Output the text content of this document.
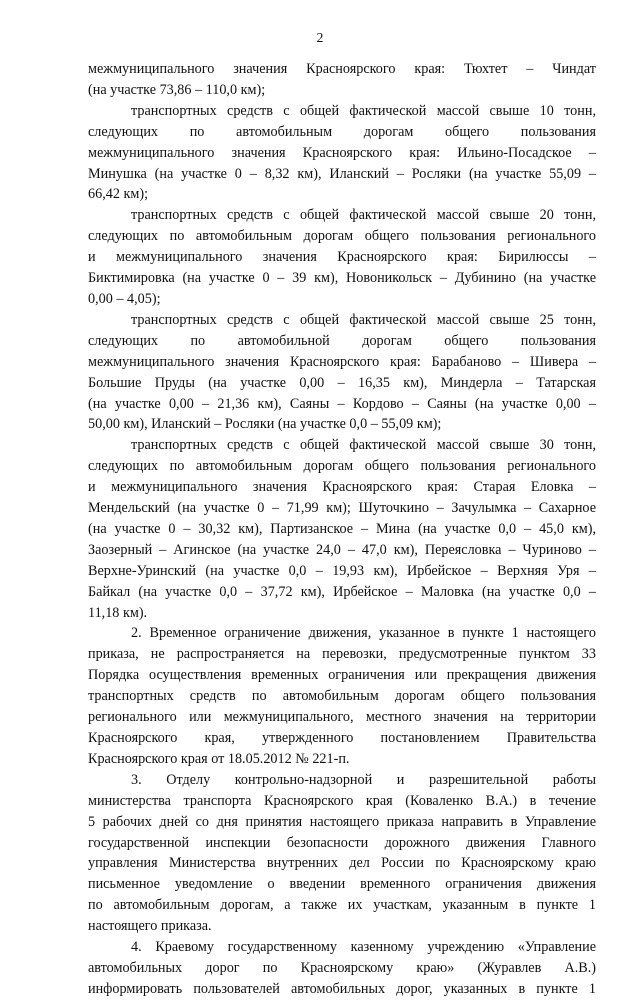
2
межмуниципального значения Красноярского края: Тюхтет – Чиндат
(на участке 73,86 – 110,0 км);
транспортных средств с общей фактической массой свыше 10 тонн,
следующих по автомобильным дорогам общего пользования
межмуниципального значения Красноярского края: Ильино-Посадское –
Минушка (на участке 0 – 8,32 км), Иланский – Росляки (на участке 55,09 –
66,42 км);
транспортных средств с общей фактической массой свыше 20 тонн,
следующих по автомобильным дорогам общего пользования регионального
и межмуниципального значения Красноярского края: Бирилюссы –
Биктимировка (на участке 0 – 39 км), Новоникольск – Дубинино (на участке
0,00 – 4,05);
транспортных средств с общей фактической массой свыше 25 тонн,
следующих по автомобильной дорогам общего пользования
межмуниципального значения Красноярского края: Барабаново – Шивера –
Большие Пруды (на участке 0,00 – 16,35 км), Миндерла – Татарская
(на участке 0,00 – 21,36 км), Саяны – Кордово – Саяны (на участке 0,00 –
50,00 км), Иланский – Росляки (на участке 0,0 – 55,09 км);
транспортных средств с общей фактической массой свыше 30 тонн,
следующих по автомобильным дорогам общего пользования регионального
и межмуниципального значения Красноярского края: Старая Еловка –
Мендельский (на участке 0 – 71,99 км); Шуточкино – Зачулымка – Сахарное
(на участке 0 – 30,32 км), Партизанское – Мина (на участке 0,0 – 45,0 км),
Заозерный – Агинское (на участке 24,0 – 47,0 км), Переясловка – Чуриново –
Верхне-Уринский (на участке 0,0 – 19,93 км), Ирбейское – Верхняя Уря –
Байкал (на участке 0,0 – 37,72 км), Ирбейское – Маловка (на участке 0,0 –
11,18 км).
2. Временное ограничение движения, указанное в пункте 1 настоящего
приказа, не распространяется на перевозки, предусмотренные пунктом 33
Порядка осуществления временных ограничения или прекращения движения
транспортных средств по автомобильным дорогам общего пользования
регионального или межмуниципального, местного значения на территории
Красноярского края, утвержденного постановлением Правительства
Красноярского края от 18.05.2012 № 221-п.
3. Отделу контрольно-надзорной и разрешительной работы
министерства транспорта Красноярского края (Коваленко В.А.) в течение
5 рабочих дней со дня принятия настоящего приказа направить в Управление
государственной инспекции безопасности дорожного движения Главного
управления Министерства внутренних дел России по Красноярскому краю
письменное уведомление о введении временного ограничения движения
по автомобильным дорогам, а также их участкам, указанным в пункте 1
настоящего приказа.
4. Краевому государственному казенному учреждению «Управление
автомобильных дорог по Красноярскому краю» (Журавлев А.В.)
информировать пользователей автомобильных дорог, указанных в пункте 1
